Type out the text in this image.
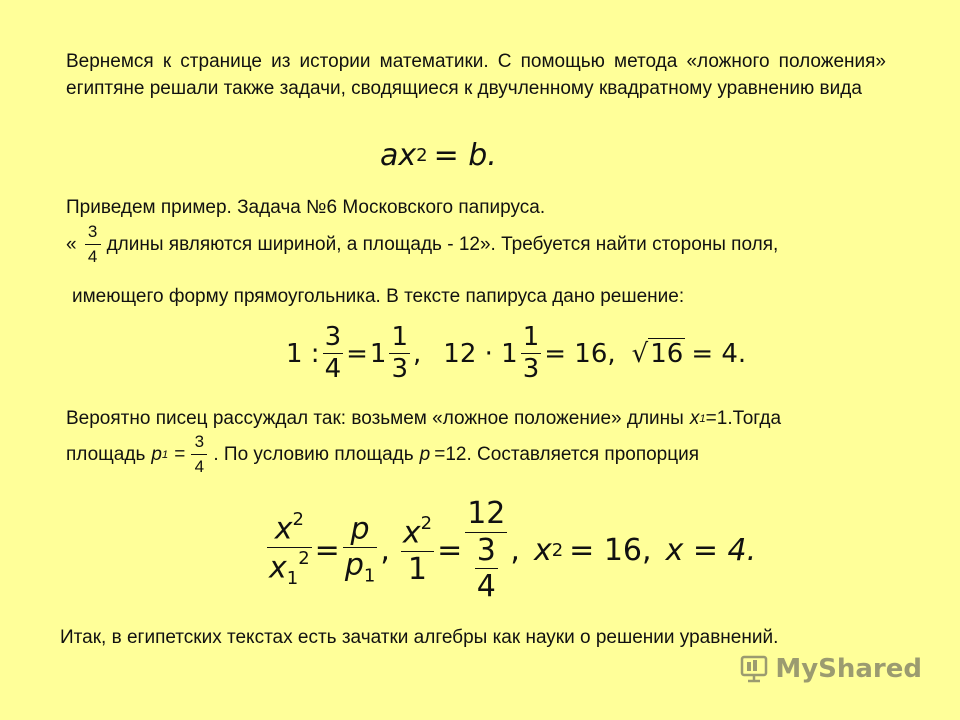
Вернемся к странице из истории математики. С помощью метода «ложного положения» египтяне решали также задачи, сводящиеся к двучленному квадратному уравнению вида
ax 2 = b.
Приведем пример. Задача №6 Московского папируса.
« $\frac{3}{4}$ длины являются шириной, а площадь - 12». Требуется найти стороны поля,
имеющего форму прямоугольника. В тексте папируса дано решение:
1 : $\frac{3}{4} = 1 \frac{1}{3}$ , $12 \cdot 1 \frac{1}{3} = 16$, √ 16 = 4.
Вероятно писец рассуждал так: возьмем «ложное положение» длины x 1 =1.Тогда
площадь p $1 = \frac{3}{4}$ . По условию площадь p =12. Составляется пропорция
$\frac{x^2}{x_1^2} = \frac{p}{p_1}$ , $\frac{x^2}{1} = \frac{12}{\frac{3}{4}}$ , x 2 = 16, x = 4.
Итак, в египетских текстах есть зачатки алгебры как науки о решении уравнений.
MyShared
